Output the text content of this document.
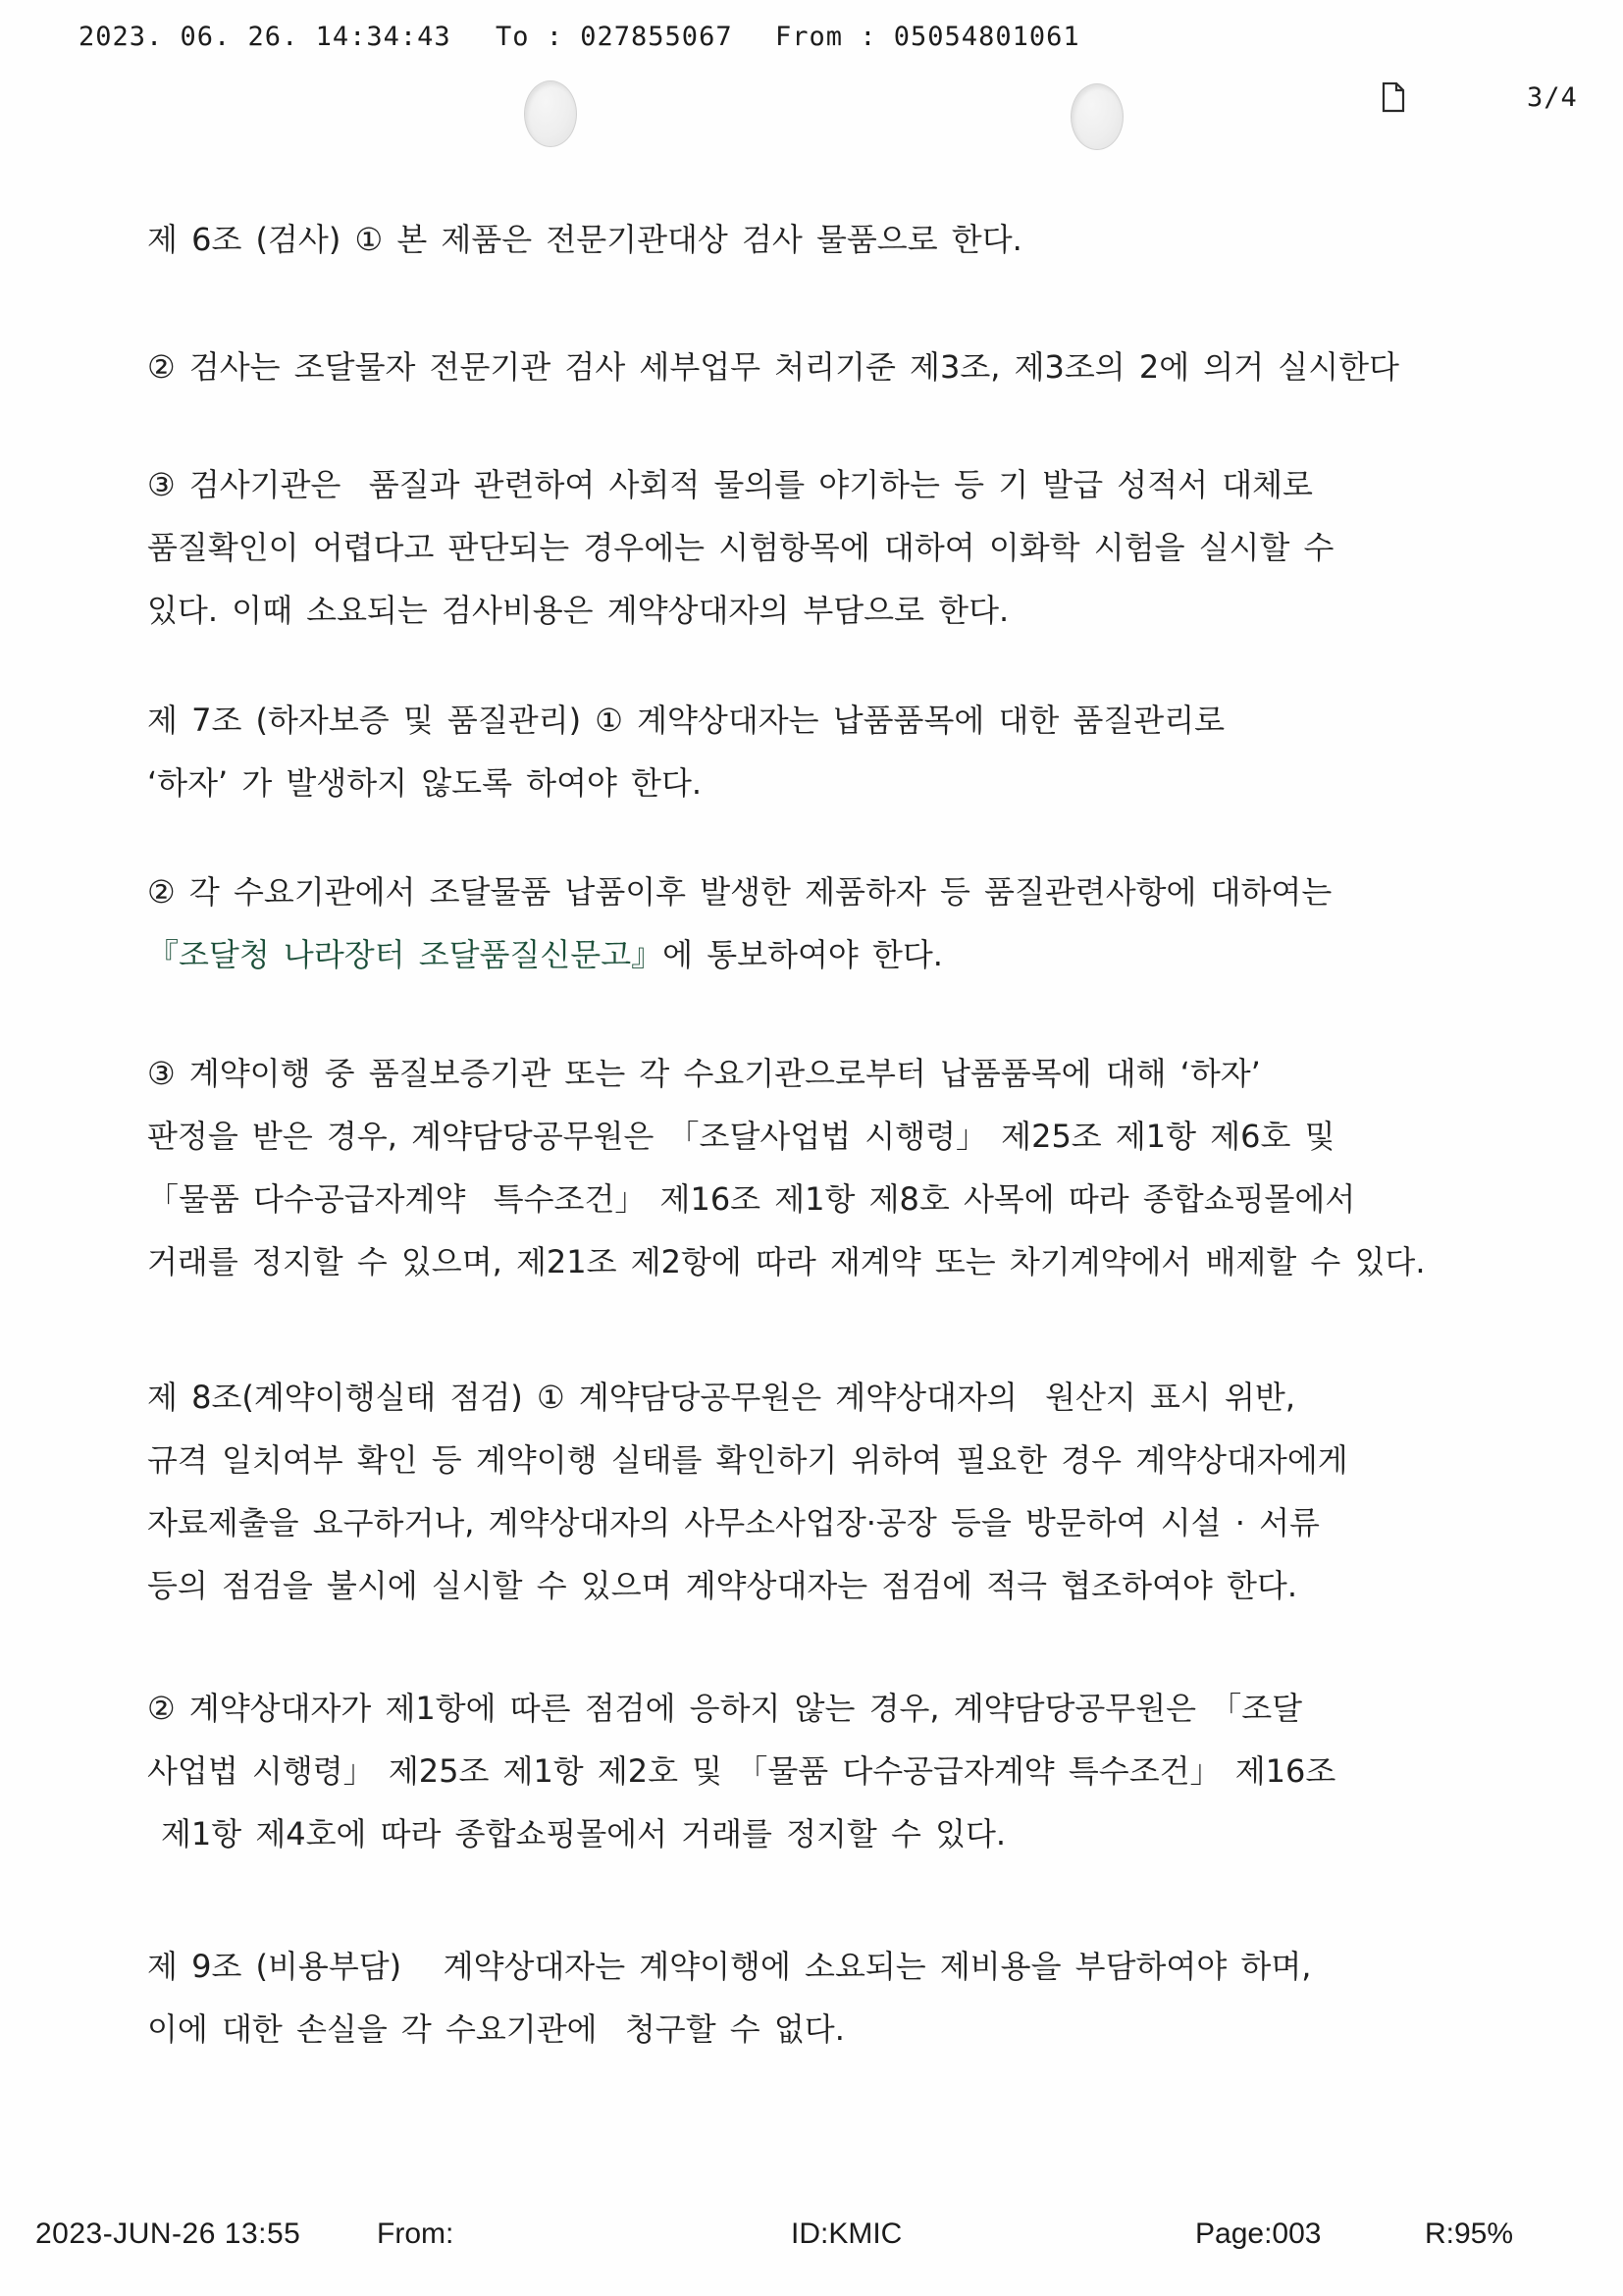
2023. 06. 26. 14:34:43

To : 027855067

From : 05054801061

3/4

제 6조 (검사) ① 본 제품은 전문기관대상 검사 물품으로 한다.
② 검사는 조달물자 전문기관 검사 세부업무 처리기준 제3조, 제3조의 2에 의거 실시한다
③ 검사기관은  품질과 관련하여 사회적 물의를 야기하는 등 기 발급 성적서 대체로
품질확인이 어렵다고 판단되는 경우에는 시험항목에 대하여 이화학 시험을 실시할 수
있다. 이때 소요되는 검사비용은 계약상대자의 부담으로 한다.
제 7조 (하자보증 및 품질관리) ① 계약상대자는 납품품목에 대한 품질관리로
‘하자’ 가 발생하지 않도록 하여야 한다.
② 각 수요기관에서 조달물품 납품이후 발생한 제품하자 등 품질관련사항에 대하여는
『조달청 나라장터 조달품질신문고』에 통보하여야 한다.
③ 계약이행 중 품질보증기관 또는 각 수요기관으로부터 납품품목에 대해 ‘하자’
판정을 받은 경우, 계약담당공무원은 「조달사업법 시행령」 제25조 제1항 제6호 및
「물품 다수공급자계약  특수조건」 제16조 제1항 제8호 사목에 따라 종합쇼핑몰에서
거래를 정지할 수 있으며, 제21조 제2항에 따라 재계약 또는 차기계약에서 배제할 수 있다.
제 8조(계약이행실태 점검) ① 계약담당공무원은 계약상대자의  원산지 표시 위반,
규격 일치여부 확인 등 계약이행 실태를 확인하기 위하여 필요한 경우 계약상대자에게
자료제출을 요구하거나, 계약상대자의 사무소사업장·공장 등을 방문하여 시설 · 서류
등의 점검을 불시에 실시할 수 있으며 계약상대자는 점검에 적극 협조하여야 한다.
② 계약상대자가 제1항에 따른 점검에 응하지 않는 경우, 계약담당공무원은 「조달
사업법 시행령」 제25조 제1항 제2호 및 「물품 다수공급자계약 특수조건」 제16조
제1항 제4호에 따라 종합쇼핑몰에서 거래를 정지할 수 있다.
제 9조 (비용부담)   계약상대자는 계약이행에 소요되는 제비용을 부담하여야 하며,
이에 대한 손실을 각 수요기관에  청구할 수 없다.
2023-JUN-26 13:55	From:	ID:KMIC	Page:003	R:95%
